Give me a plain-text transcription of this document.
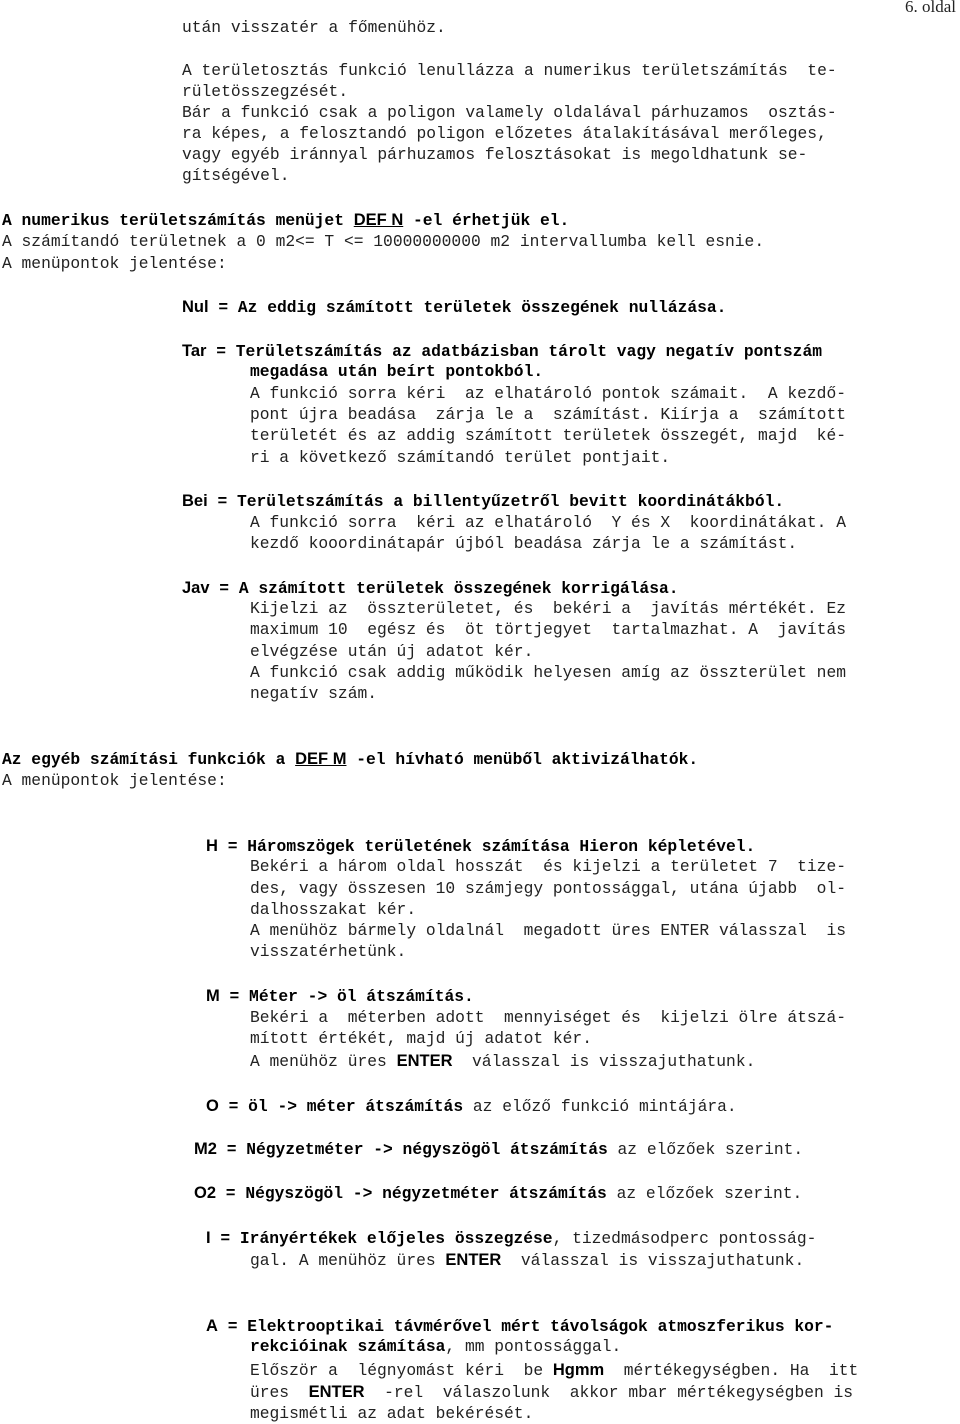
6. oldal
után visszatér a főmenühöz.
A területosztás funkció lenullázza a numerikus területszámítás  te-
rületösszegzését.
Bár a funkció csak a poligon valamely oldalával párhuzamos  osztás-
ra képes, a felosztandó poligon előzetes átalakításával merőleges,
vagy egyéb iránnyal párhuzamos felosztásokat is megoldhatunk se-
gítségével.
A numerikus területszámítás menüjet DEF N -el érhetjük el.
A számítandó területnek a 0 m2<= T <= 10000000000 m2 intervallumba kell esnie.
A menüpontok jelentése:
Nul = Az eddig számított területek összegének nullázása.
Tar = Területszámítás az adatbázisban tárolt vagy negatív pontszám
megadása után beírt pontokból.
A funkció sorra kéri  az elhatároló pontok számait.  A kezdő-
pont újra beadása  zárja le a  számítást. Kiírja a  számított
területét és az addig számított területek összegét, majd  ké-
ri a következő számítandó terület pontjait.
Bei = Területszámítás a billentyűzetről bevitt koordinátákból.
A funkció sorra  kéri az elhatároló  Y és X  koordinátákat. A
kezdő kooordinátapár újból beadása zárja le a számítást.
Jav = A számított területek összegének korrigálása.
Kijelzi az  összterületet, és  bekéri a  javítás mértékét. Ez
maximum 10  egész és  öt törtjegyet  tartalmazhat. A  javítás
elvégzése után új adatot kér.
A funkció csak addig működik helyesen amíg az összterület nem
negatív szám.
Az egyéb számítási funkciók a DEF M -el hívható menüből aktivizálhatók.
A menüpontok jelentése:
H = Háromszögek területének számítása Hieron képletével.
Bekéri a három oldal hosszát  és kijelzi a területet 7  tize-
des, vagy összesen 10 számjegy pontossággal, utána újabb  ol-
dalhosszakat kér.
A menühöz bármely oldalnál  megadott üres ENTER válasszal  is
visszatérhetünk.
M = Méter -> öl átszámítás.
Bekéri a  méterben adott  mennyiséget és  kijelzi ölre átszá-
mított értékét, majd új adatot kér.
A menühöz üres ENTER  válasszal is visszajuthatunk.
O = öl -> méter átszámítás az előző funkció mintájára.
M2 = Négyzetméter -> négyszögöl átszámítás az előzőek szerint.
O2 = Négyszögöl -> négyzetméter átszámítás az előzőek szerint.
I = Irányértékek előjeles összegzése, tizedmásodperc pontosság-
gal. A menühöz üres ENTER  válasszal is visszajuthatunk.
A = Elektrooptikai távmérővel mért távolságok atmoszferikus kor-
rekcióinak számítása, mm pontossággal.
Először a  légnyomást kéri  be Hgmm  mértékegységben. Ha  itt
üres  ENTER  -rel  válaszolunk  akkor mbar mértékegységben is
megismétli az adat bekérését.
